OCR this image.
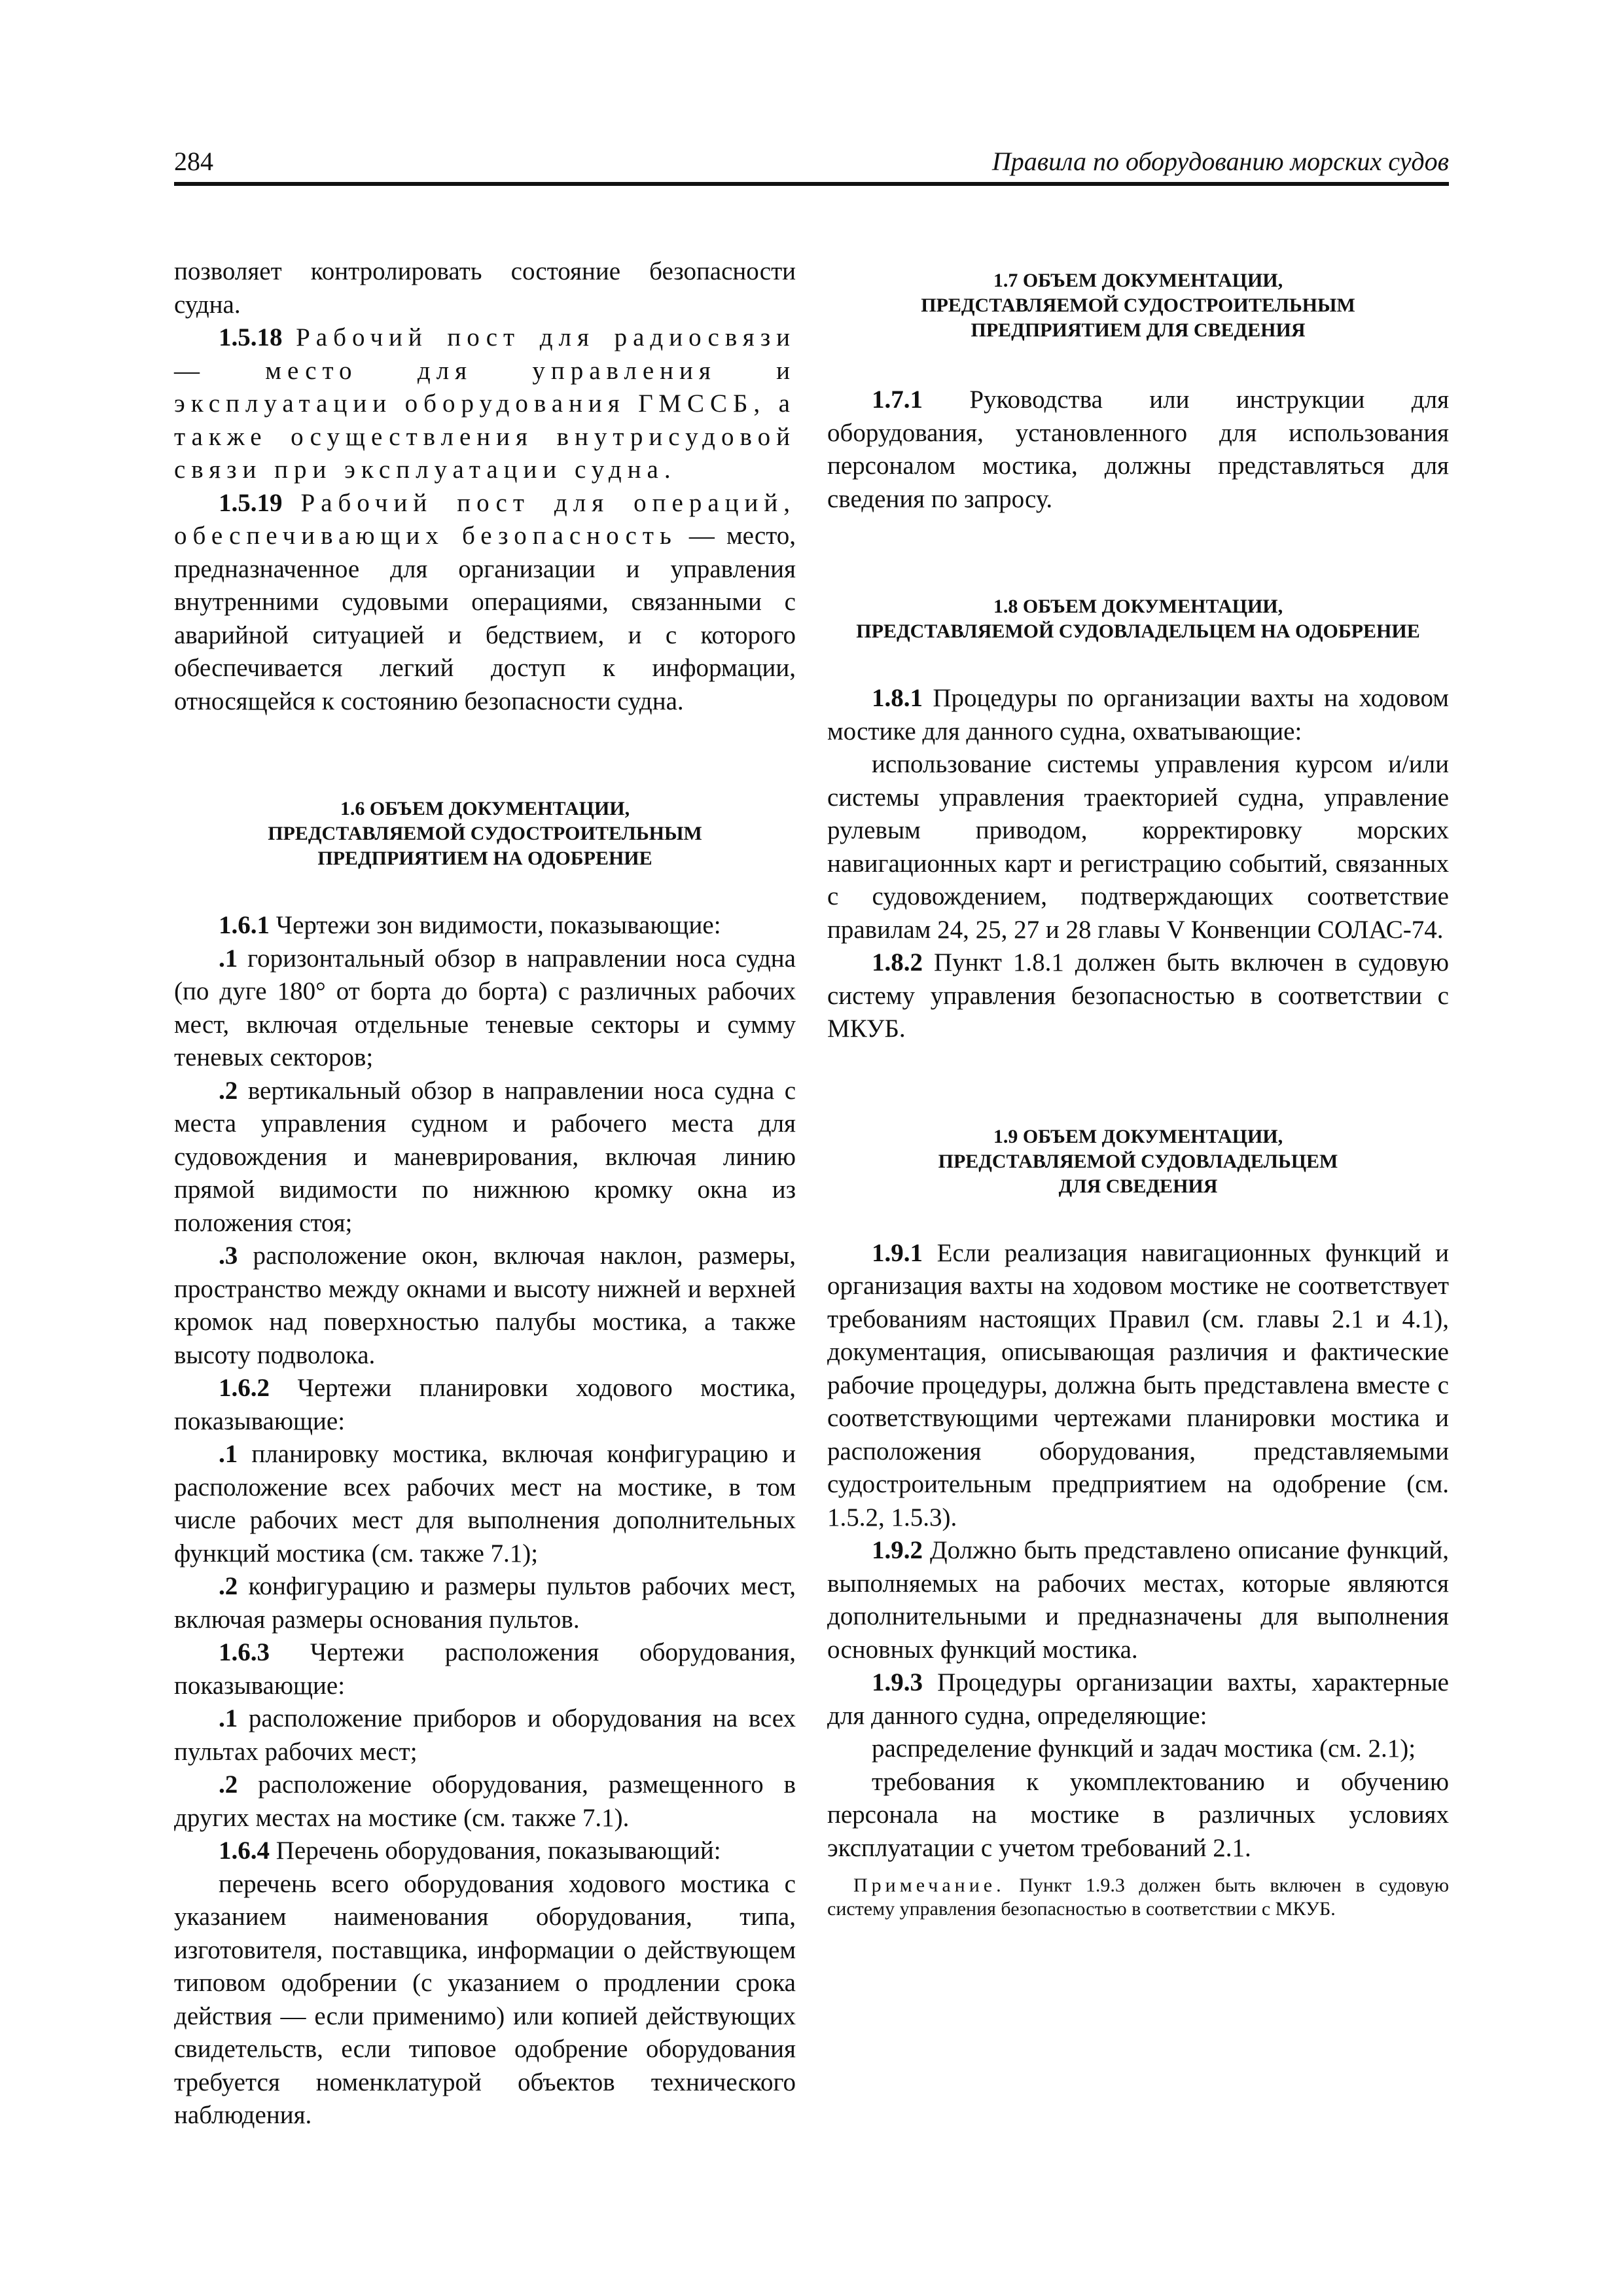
284	Правила по оборудованию морских судов

позволяет контролировать состояние безопасности судна.

1.5.18 Рабочий пост для радиосвязи — место для управления и эксплуатации оборудования ГМССБ, а также осуществления внутрисудовой связи при эксплуатации судна.

1.5.19 Рабочий пост для операций, обеспечивающих безопасность — место, предназначенное для организации и управления внутренними судовыми операциями, связанными с аварийной ситуацией и бедствием, и с которого обеспечивается легкий доступ к информации, относящейся к состоянию безопасности судна.

1.6 ОБЪЕМ ДОКУМЕНТАЦИИ,
ПРЕДСТАВЛЯЕМОЙ СУДОСТРОИТЕЛЬНЫМ
ПРЕДПРИЯТИЕМ НА ОДОБРЕНИЕ

1.6.1 Чертежи зон видимости, показывающие:

.1 горизонтальный обзор в направлении носа судна (по дуге 180° от борта до борта) с различных рабочих мест, включая отдельные теневые секторы и сумму теневых секторов;

.2 вертикальный обзор в направлении носа судна с места управления судном и рабочего места для судовождения и маневрирования, включая линию прямой видимости по нижнюю кромку окна из положения стоя;

.3 расположение окон, включая наклон, размеры, пространство между окнами и высоту нижней и верхней кромок над поверхностью палубы мостика, а также высоту подволока.

1.6.2 Чертежи планировки ходового мостика, показывающие:

.1 планировку мостика, включая конфигурацию и расположение всех рабочих мест на мостике, в том числе рабочих мест для выполнения дополнительных функций мостика (см. также 7.1);

.2 конфигурацию и размеры пультов рабочих мест, включая размеры основания пультов.

1.6.3 Чертежи расположения оборудования, показывающие:

.1 расположение приборов и оборудования на всех пультах рабочих мест;

.2 расположение оборудования, размещенного в других местах на мостике (см. также 7.1).

1.6.4 Перечень оборудования, показывающий:

перечень всего оборудования ходового мостика с указанием наименования оборудования, типа, изготовителя, поставщика, информации о действующем типовом одобрении (с указанием о продлении срока действия — если применимо) или копией действующих свидетельств, если типовое одобрение оборудования требуется номенклатурой объектов технического наблюдения.

1.7 ОБЪЕМ ДОКУМЕНТАЦИИ,
ПРЕДСТАВЛЯЕМОЙ СУДОСТРОИТЕЛЬНЫМ
ПРЕДПРИЯТИЕМ ДЛЯ СВЕДЕНИЯ

1.7.1 Руководства или инструкции для оборудования, установленного для использования персоналом мостика, должны представляться для сведения по запросу.

1.8 ОБЪЕМ ДОКУМЕНТАЦИИ,
ПРЕДСТАВЛЯЕМОЙ СУДОВЛАДЕЛЬЦЕМ НА ОДОБРЕНИЕ

1.8.1 Процедуры по организации вахты на ходовом мостике для данного судна, охватывающие:

использование системы управления курсом и/или системы управления траекторией судна, управление рулевым приводом, корректировку морских навигационных карт и регистрацию событий, связанных с судовождением, подтверждающих соответствие правилам 24, 25, 27 и 28 главы V Конвенции СОЛАС-74.

1.8.2 Пункт 1.8.1 должен быть включен в судовую систему управления безопасностью в соответствии с МКУБ.

1.9 ОБЪЕМ ДОКУМЕНТАЦИИ,
ПРЕДСТАВЛЯЕМОЙ СУДОВЛАДЕЛЬЦЕМ
ДЛЯ СВЕДЕНИЯ

1.9.1 Если реализация навигационных функций и организация вахты на ходовом мостике не соответствует требованиям настоящих Правил (см. главы 2.1 и 4.1), документация, описывающая различия и фактические рабочие процедуры, должна быть представлена вместе с соответствующими чертежами планировки мостика и расположения оборудования, представляемыми судостроительным предприятием на одобрение (см. 1.5.2, 1.5.3).

1.9.2 Должно быть представлено описание функций, выполняемых на рабочих местах, которые являются дополнительными и предназначены для выполнения основных функций мостика.

1.9.3 Процедуры организации вахты, характерные для данного судна, определяющие:

распределение функций и задач мостика (см. 2.1);

требования к укомплектованию и обучению персонала на мостике в различных условиях эксплуатации с учетом требований 2.1.

Примечание. Пункт 1.9.3 должен быть включен в судовую систему управления безопасностью в соответствии с МКУБ.
